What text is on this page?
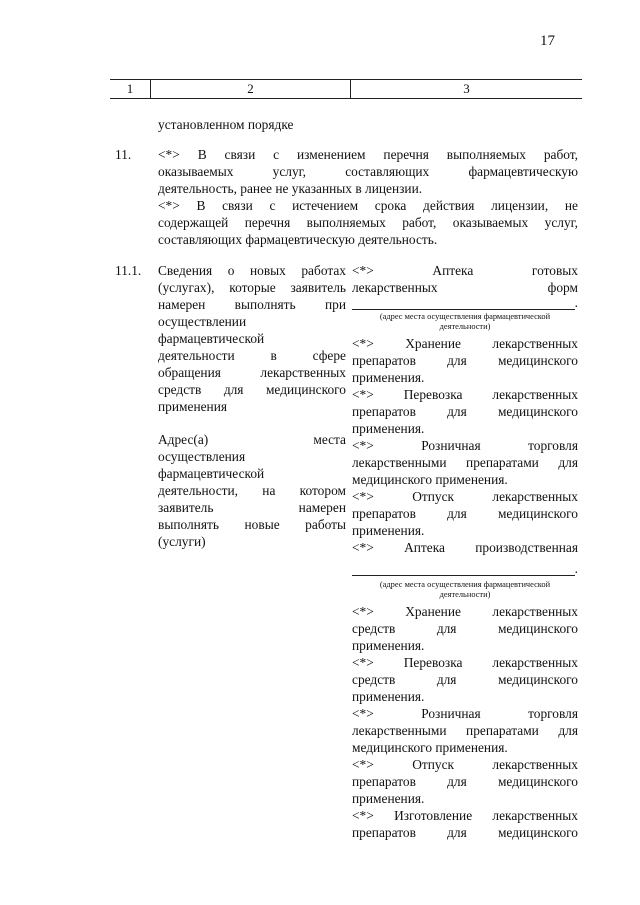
17
1	2	3
установленном порядке
11. <*> В связи с изменением перечня выполняемых работ,
оказываемых услуг, составляющих фармацевтическую
деятельность, ранее не указанных в лицензии.
<*> В связи с истечением срока действия лицензии, не
содержащей перечня выполняемых работ, оказываемых услуг,
составляющих фармацевтическую деятельность.
11.1. Сведения о новых работах
(услугах), которые заявитель
намерен выполнять при
осуществлении
фармацевтической
деятельности в сфере
обращения лекарственных
средств для медицинского
применения
Адрес(а) места
осуществления
фармацевтической
деятельности, на котором
заявитель намерен
выполнять новые работы
(услуги)
<*> Аптека готовых
лекарственных форм
.
(адрес места осуществления фармацевтической
деятельности)
<*> Хранение лекарственных
препаратов для медицинского
применения.
<*> Перевозка лекарственных
препаратов для медицинского
применения.
<*> Розничная торговля
лекарственными препаратами для
медицинского применения.
<*> Отпуск лекарственных
препаратов для медицинского
применения.
<*> Аптека производственная
.
(адрес места осуществления фармацевтической
деятельности)
<*> Хранение лекарственных
средств для медицинского
применения.
<*> Перевозка лекарственных
средств для медицинского
применения.
<*> Розничная торговля
лекарственными препаратами для
медицинского применения.
<*> Отпуск лекарственных
препаратов для медицинского
применения.
<*> Изготовление лекарственных
препаратов для медицинского
